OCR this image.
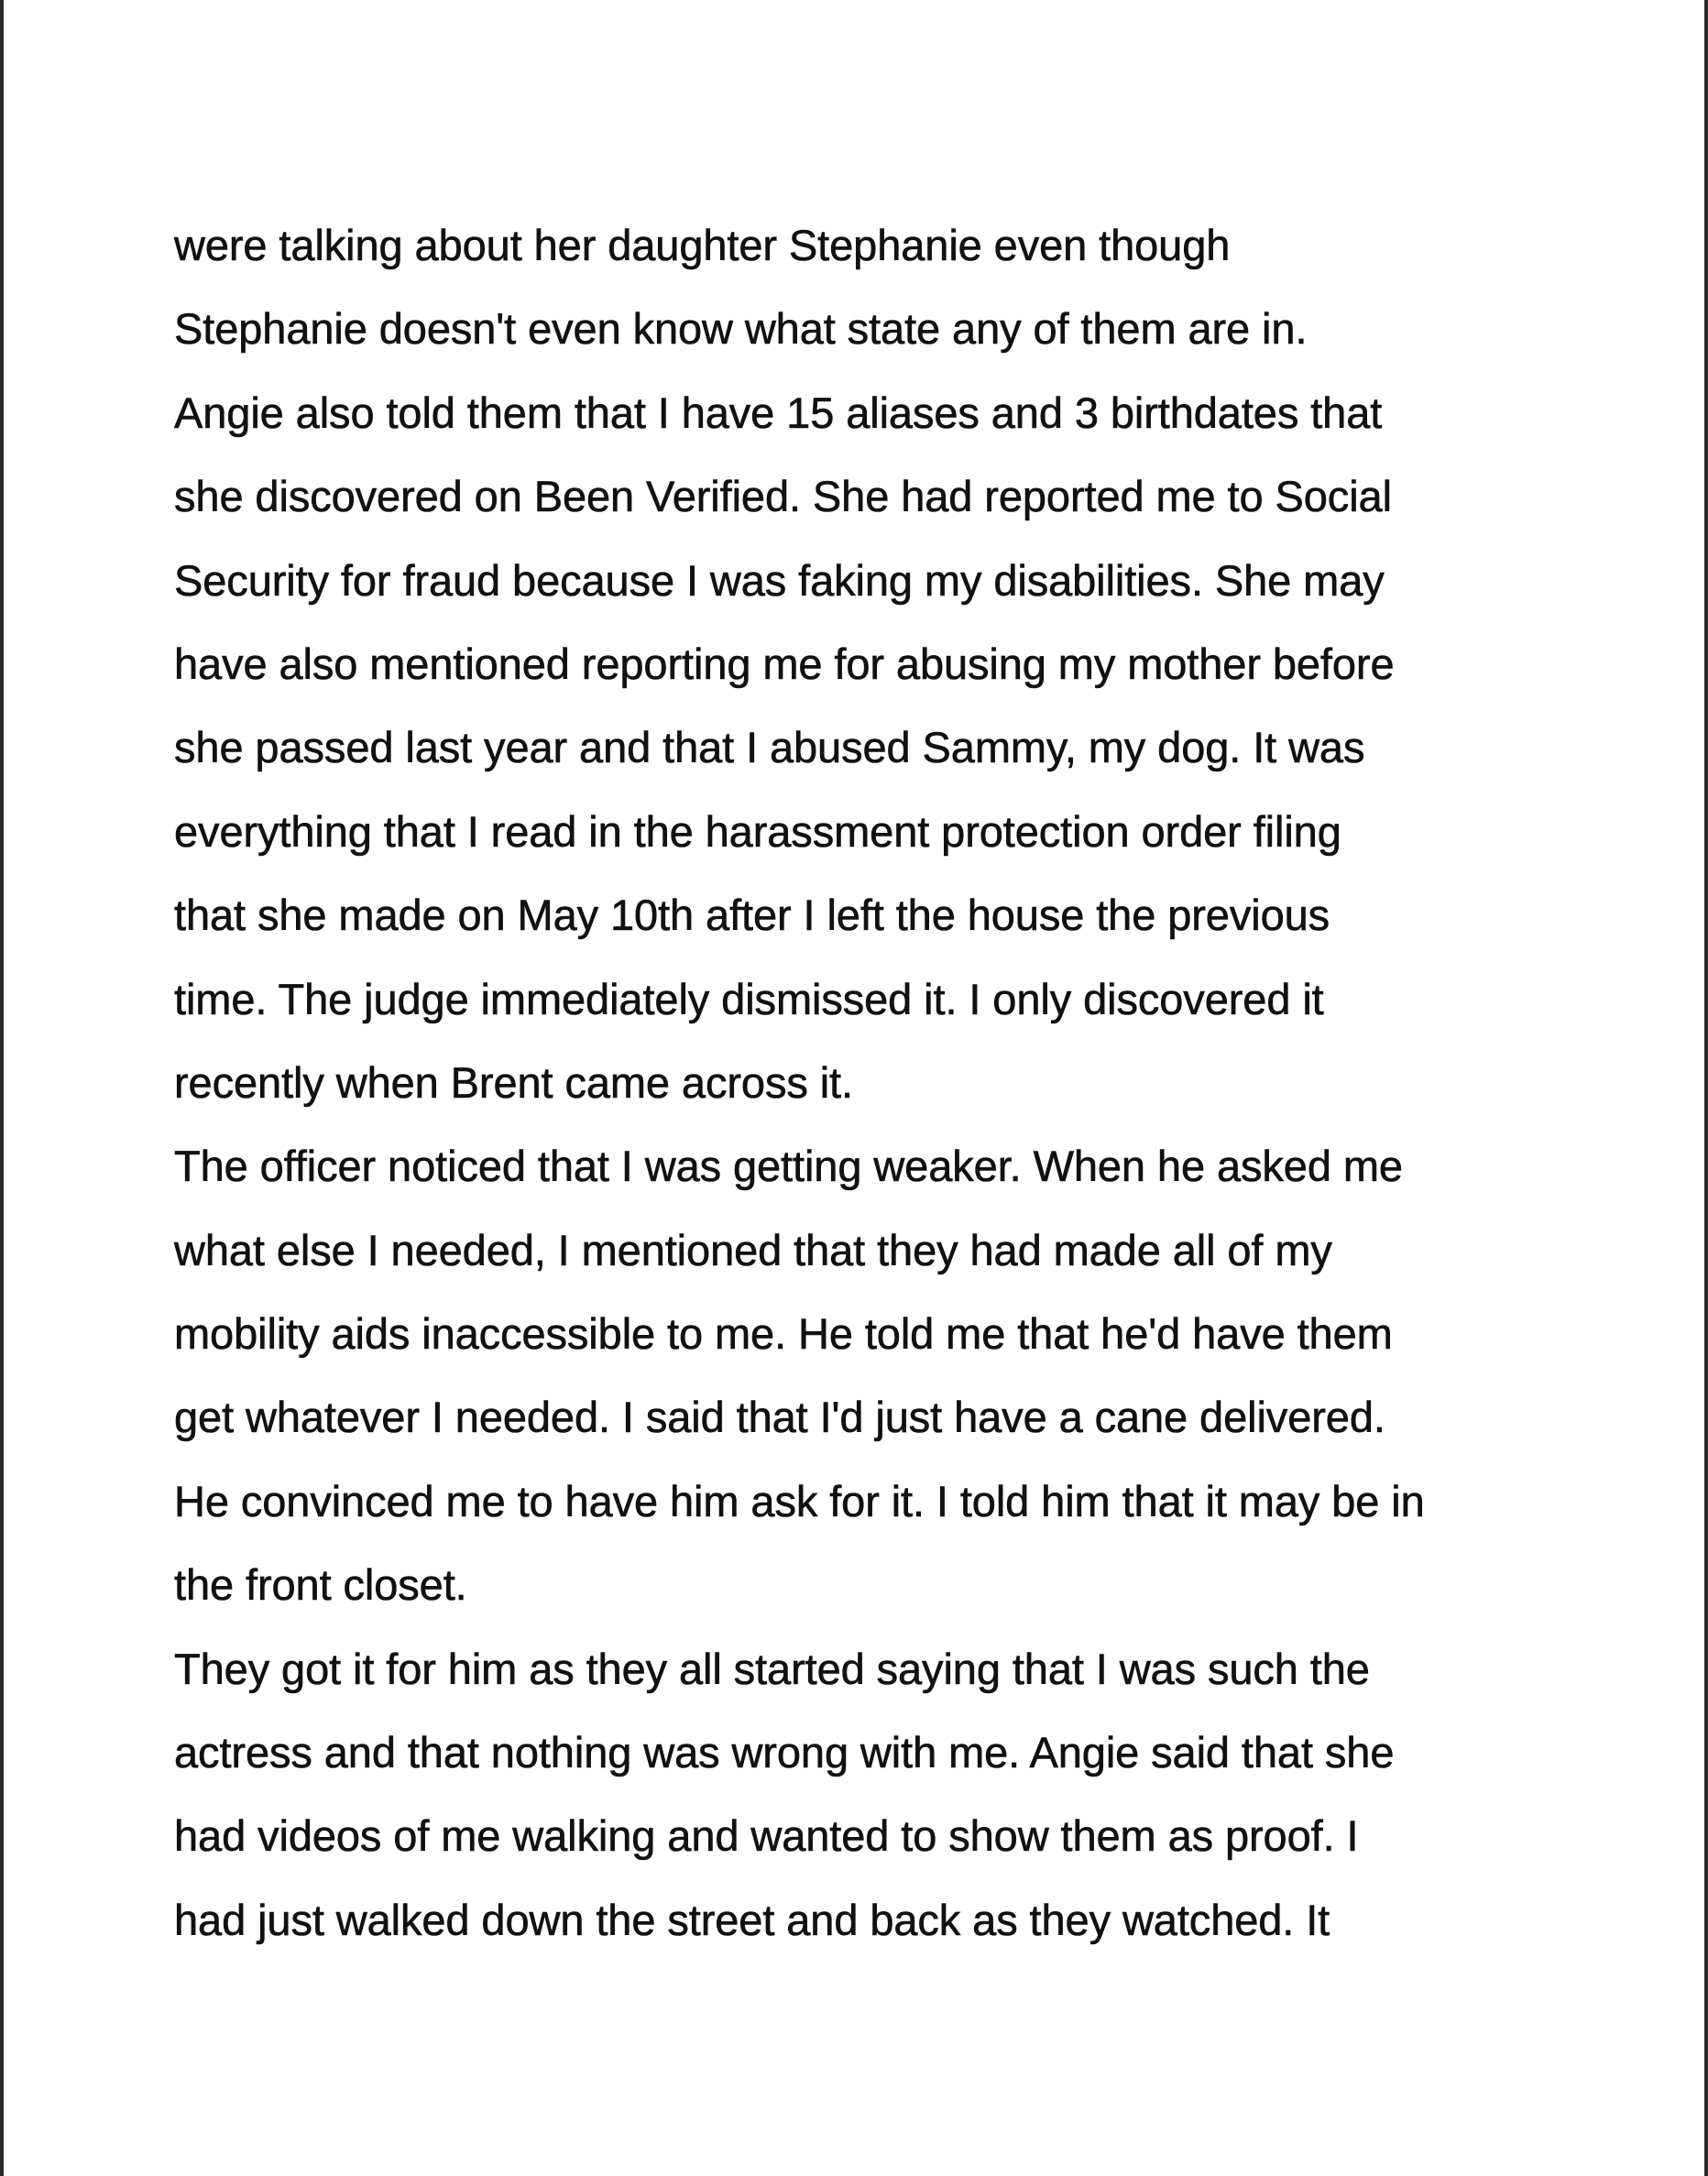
were talking about her daughter Stephanie even though
Stephanie doesn't even know what state any of them are in.
Angie also told them that I have 15 aliases and 3 birthdates that
she discovered on Been Verified. She had reported me to Social
Security for fraud because I was faking my disabilities. She may
have also mentioned reporting me for abusing my mother before
she passed last year and that I abused Sammy, my dog. It was
everything that I read in the harassment protection order filing
that she made on May 10th after I left the house the previous
time. The judge immediately dismissed it. I only discovered it
recently when Brent came across it.
The officer noticed that I was getting weaker. When he asked me
what else I needed, I mentioned that they had made all of my
mobility aids inaccessible to me. He told me that he'd have them
get whatever I needed. I said that I'd just have a cane delivered.
He convinced me to have him ask for it. I told him that it may be in
the front closet.
They got it for him as they all started saying that I was such the
actress and that nothing was wrong with me. Angie said that she
had videos of me walking and wanted to show them as proof. I
had just walked down the street and back as they watched. It
